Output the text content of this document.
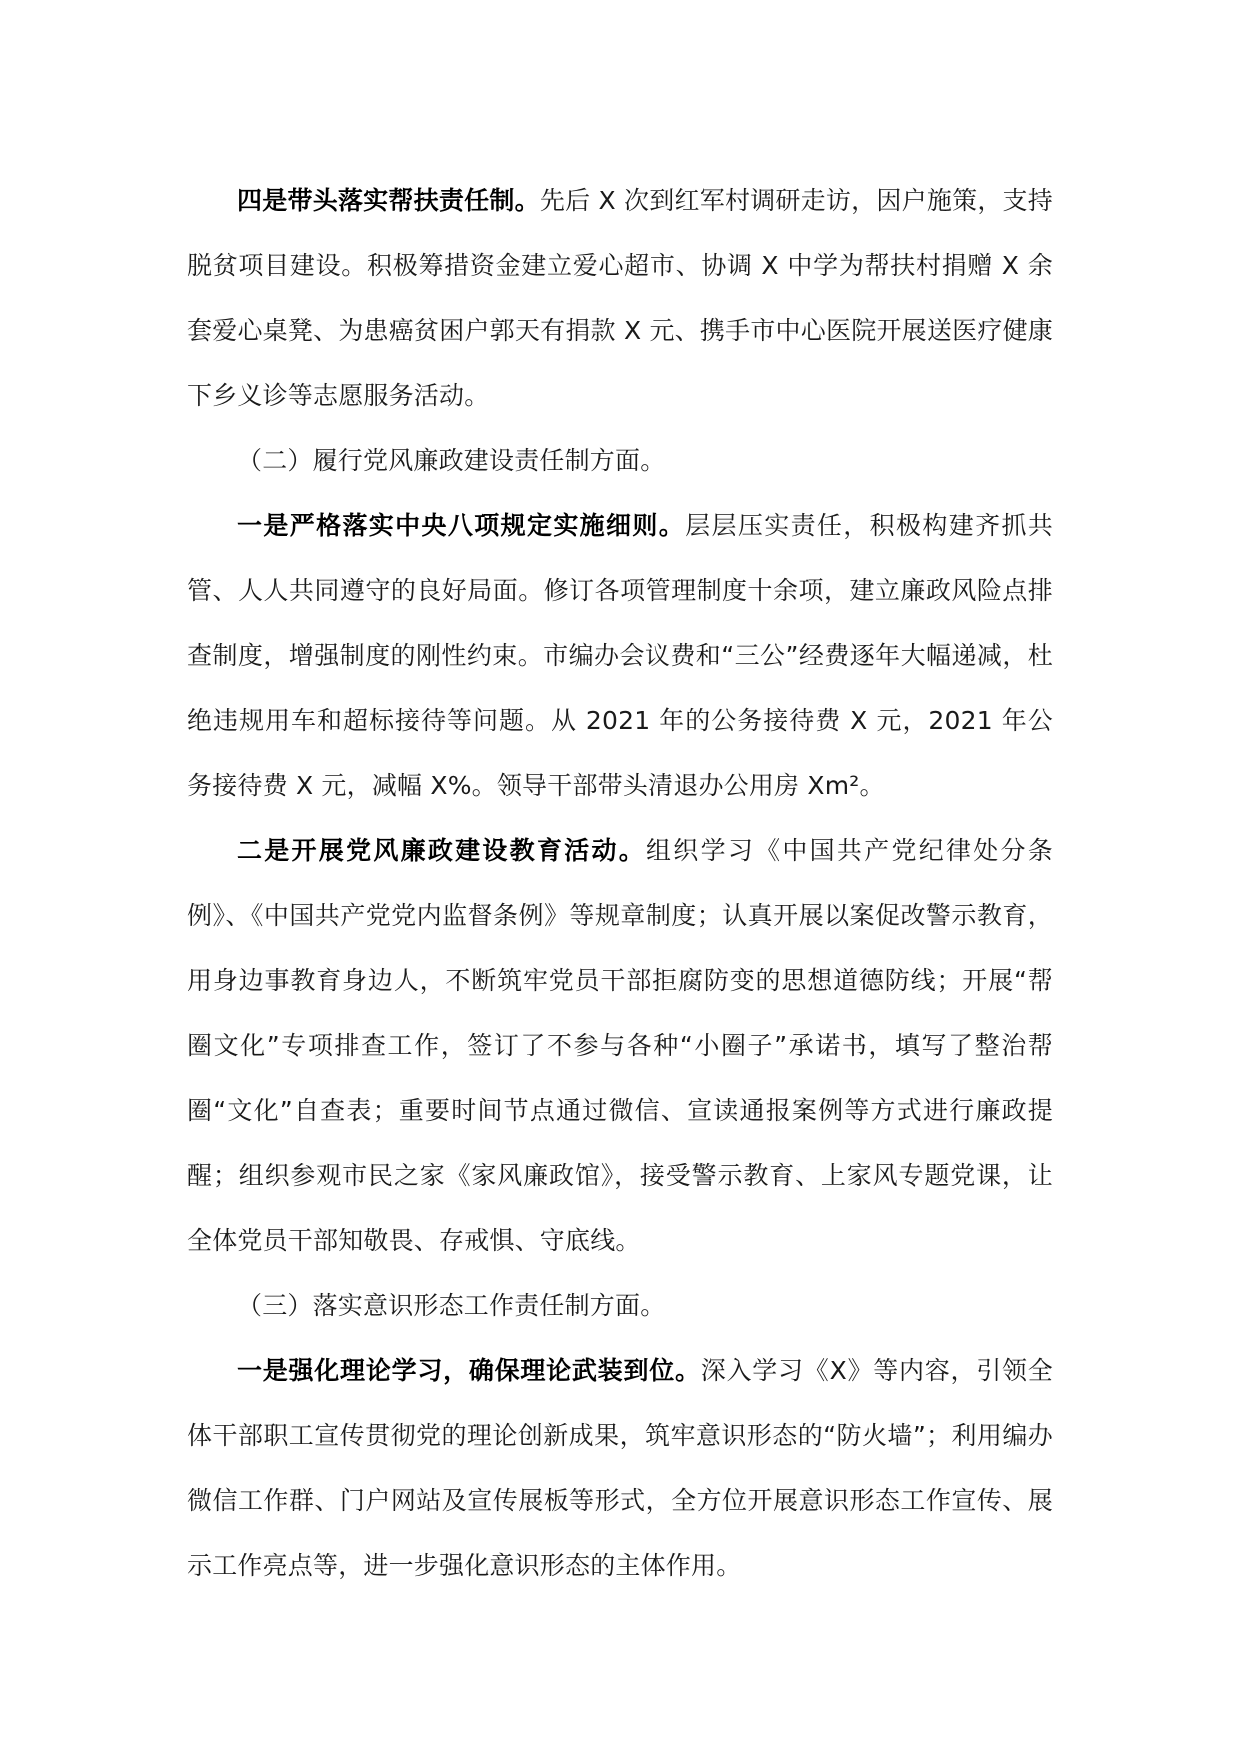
四是带头落实帮扶责任制。先后 X 次到红军村调研走访，因户施策，支持脱贫项目建设。积极筹措资金建立爱心超市、协调 X 中学为帮扶村捐赠 X 余套爱心桌凳、为患癌贫困户郭天有捐款 X 元、携手市中心医院开展送医疗健康下乡义诊等志愿服务活动。

（二）履行党风廉政建设责任制方面。

一是严格落实中央八项规定实施细则。层层压实责任，积极构建齐抓共管、人人共同遵守的良好局面。修订各项管理制度十余项，建立廉政风险点排查制度，增强制度的刚性约束。市编办会议费和“三公”经费逐年大幅递减，杜绝违规用车和超标接待等问题。从 2021 年的公务接待费 X 元，2021 年公务接待费 X 元，减幅 X%。领导干部带头清退办公用房 Xm²。

二是开展党风廉政建设教育活动。组织学习《中国共产党纪律处分条例》、《中国共产党党内监督条例》等规章制度；认真开展以案促改警示教育，用身边事教育身边人，不断筑牢党员干部拒腐防变的思想道德防线；开展“帮圈文化”专项排查工作，签订了不参与各种“小圈子”承诺书，填写了整治帮圈“文化”自查表；重要时间节点通过微信、宣读通报案例等方式进行廉政提醒；组织参观市民之家《家风廉政馆》，接受警示教育、上家风专题党课，让全体党员干部知敬畏、存戒惧、守底线。

（三）落实意识形态工作责任制方面。

一是强化理论学习，确保理论武装到位。深入学习《X》等内容，引领全体干部职工宣传贯彻党的理论创新成果，筑牢意识形态的“防火墙”；利用编办微信工作群、门户网站及宣传展板等形式，全方位开展意识形态工作宣传、展示工作亮点等，进一步强化意识形态的主体作用。
